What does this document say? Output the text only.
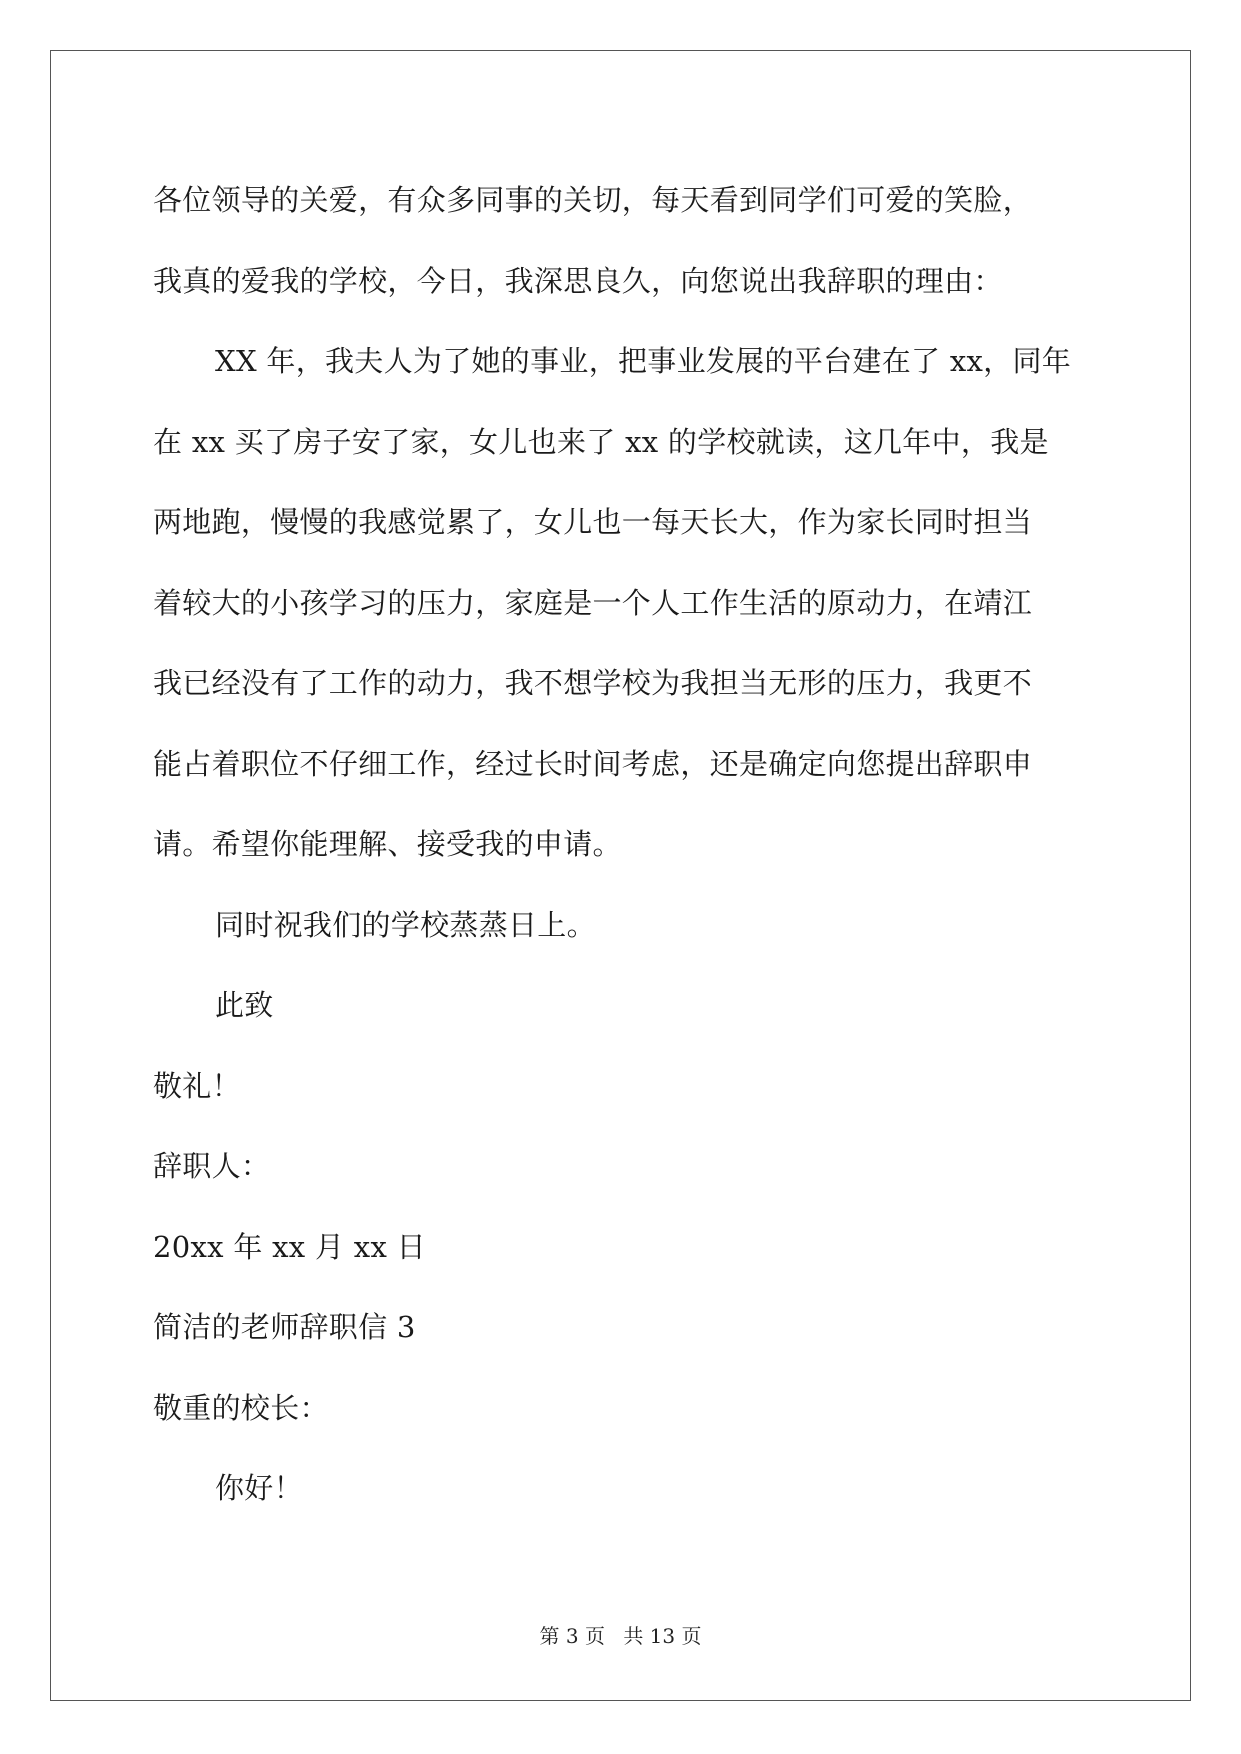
各位领导的关爱，有众多同事的关切，每天看到同学们可爱的笑脸，
我真的爱我的学校，今日，我深思良久，向您说出我辞职的理由：
XX 年，我夫人为了她的事业，把事业发展的平台建在了 xx，同年
在 xx 买了房子安了家，女儿也来了 xx 的学校就读，这几年中，我是
两地跑，慢慢的我感觉累了，女儿也一每天长大，作为家长同时担当
着较大的小孩学习的压力，家庭是一个人工作生活的原动力，在靖江
我已经没有了工作的动力，我不想学校为我担当无形的压力，我更不
能占着职位不仔细工作，经过长时间考虑，还是确定向您提出辞职申
请。希望你能理解、接受我的申请。
同时祝我们的学校蒸蒸日上。
此致
敬礼！
辞职人：
20xx 年 xx 月 xx 日
简洁的老师辞职信 3
敬重的校长：
你好！
第 3 页 共 13 页
